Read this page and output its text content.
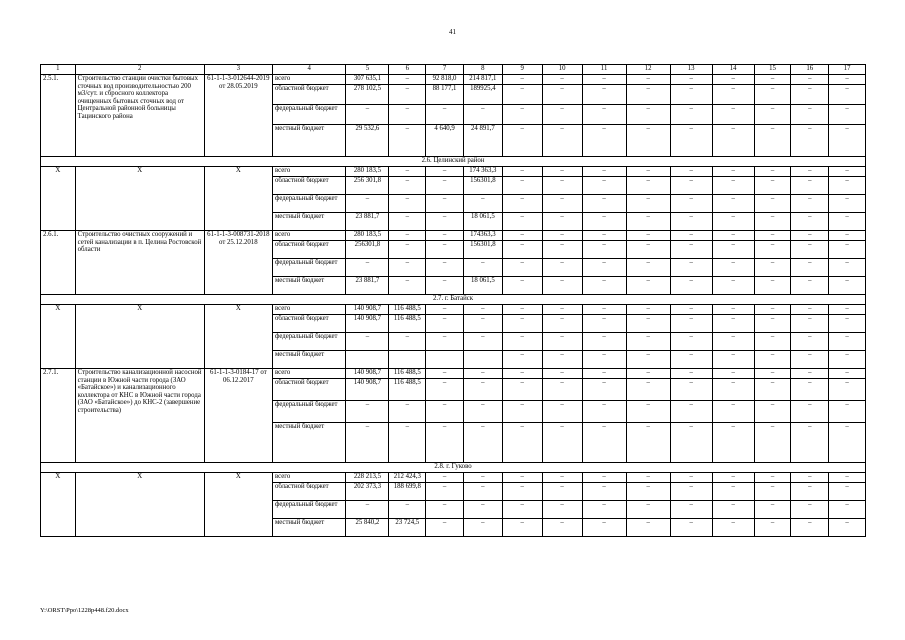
41
1	2	3	4	5	6	7	8	9	10	11	12	13	14	15	16	17
2.5.1.	Строительство станции очистки бытовых сточных вод производительностью 200 м3/сут. и сбросного коллектора очищенных бытовых сточных вод от Центральной районной больницы Тацинского района	61-1-1-3-012644-2019 от 28.05.2019	всего	307 635,1	–	92 818,0	214 817,1	–	–	–	–	–	–	–	–	–
			областной бюджет	278 102,5	–	88 177,1	189925,4	–	–	–	–	–	–	–	–	–
			федеральный бюджет	–	–	–	–	–	–	–	–	–	–	–	–	–
			местный бюджет	29 532,6	–	4 640,9	24 891,7	–	–	–	–	–	–	–	–	–
2.6. Целинский район																
X	X	X	всего	280 183,5	–	–	174 363,3	–	–	–	–	–	–	–	–	–
			областной бюджет	256 301,8	–	–	156301,8	–	–	–	–	–	–	–	–	–
			федеральный бюджет	–	–	–	–	–	–	–	–	–	–	–	–	–
			местный бюджет	23 881,7	–	–	18 061,5	–	–	–	–	–	–	–	–	–
2.6.1.	Строительство очистных сооружений и сетей канализации в п. Целина Ростовской области	61-1-1-3-008731-2018 от 25.12.2018	всего	280 183,5	–	–	174363,3	–	–	–	–	–	–	–	–	–
			областной бюджет	256301,8	–	–	156301,8	–	–	–	–	–	–	–	–	–
			федеральный бюджет	–	–	–	–	–	–	–	–	–	–	–	–	–
			местный бюджет	23 881,7	–	–	18 061,5	–	–	–	–	–	–	–	–	–
2.7. г. Батайск																
X	X	X	всего	140 908,7	116 488,5	–	–	–	–	–	–	–	–	–	–	–
			областной бюджет	140 908,7	116 488,5	–	–	–	–	–	–	–	–	–	–	–
			федеральный бюджет	–	–	–	–	–	–	–	–	–	–	–	–	–
			местный бюджет					–	–	–	–	–	–	–	–	–
2.7.1.	Строительство канализационной насосной станции в Южной части города (ЗАО «Батайское») и канализационного коллектора от КНС в Южной части города (ЗАО «Батайское») до КНС-2 (завершение строительства)	61-1-1-3-0184-17 от 06.12.2017	всего	140 908,7	116 488,5	–	–	–	–	–	–	–	–	–	–	–
			областной бюджет	140 908,7	116 488,5	–	–	–	–	–	–	–	–	–	–	–
			федеральный бюджет	–	–	–	–	–	–	–	–	–	–	–	–	–
			местный бюджет	–	–	–	–	–	–	–	–	–	–	–	–	–
2.8. г. Гуково																
X	X	X	всего	228 213,5	212 424,3	–	–	–	–	–	–	–	–	–	–	–
			областной бюджет	202 373,3	188 699,8	–	–	–	–	–	–	–	–	–	–	–
			федеральный бюджет	–	–	–	–	–	–	–	–	–	–	–	–	–
			местный бюджет	25 840,2	23 724,5	–	–	–	–	–	–	–	–	–	–	–
Y:\ORST\Ppo\1228p448.f20.docx
